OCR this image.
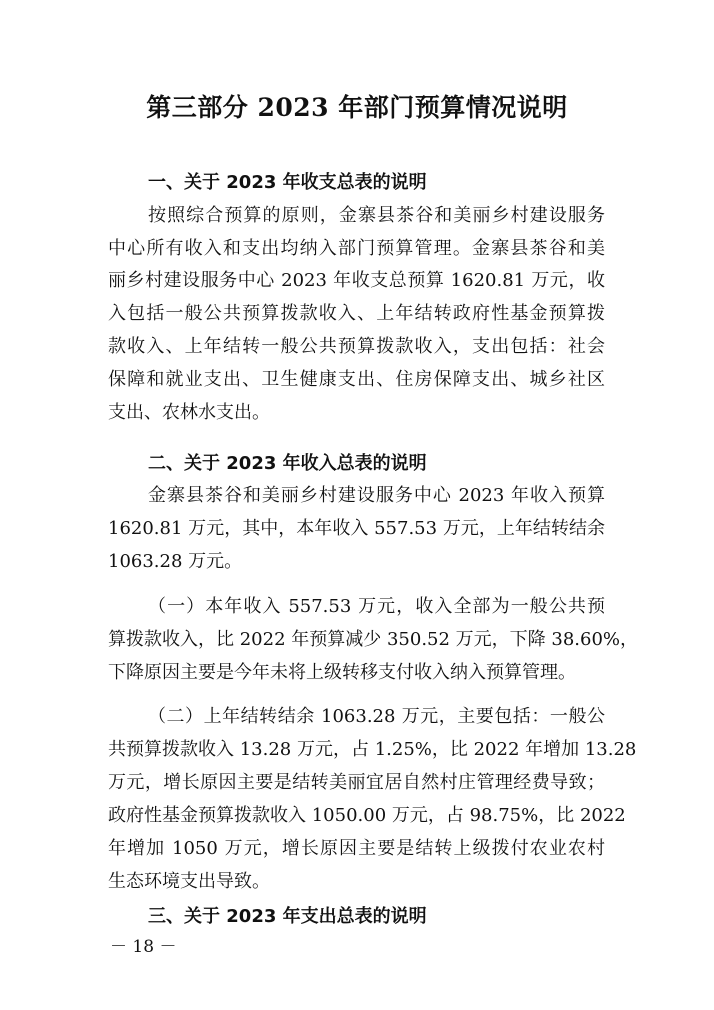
第三部分 2023 年部门预算情况说明
一、关于 2023 年收支总表的说明
按照综合预算的原则，金寨县茶谷和美丽乡村建设服务
中心所有收入和支出均纳入部门预算管理。金寨县茶谷和美
丽乡村建设服务中心 2023 年收支总预算 1620.81 万元，收
入包括一般公共预算拨款收入、上年结转政府性基金预算拨
款收入、上年结转一般公共预算拨款收入，支出包括：社会
保障和就业支出、卫生健康支出、住房保障支出、城乡社区
支出、农林水支出。
二、关于 2023 年收入总表的说明
金寨县茶谷和美丽乡村建设服务中心 2023 年收入预算
1620.81 万元，其中，本年收入 557.53 万元，上年结转结余
1063.28 万元。
（一）本年收入 557.53 万元，收入全部为一般公共预
算拨款收入，比 2022 年预算减少 350.52 万元，下降 38.60%，
下降原因主要是今年未将上级转移支付收入纳入预算管理。
（二）上年结转结余 1063.28 万元，主要包括：一般公
共预算拨款收入 13.28 万元，占 1.25%，比 2022 年增加 13.28
万元，增长原因主要是结转美丽宜居自然村庄管理经费导致；
政府性基金预算拨款收入 1050.00 万元，占 98.75%，比 2022
年增加 1050 万元，增长原因主要是结转上级拨付农业农村
生态环境支出导致。
三、关于 2023 年支出总表的说明
－ 18 －
